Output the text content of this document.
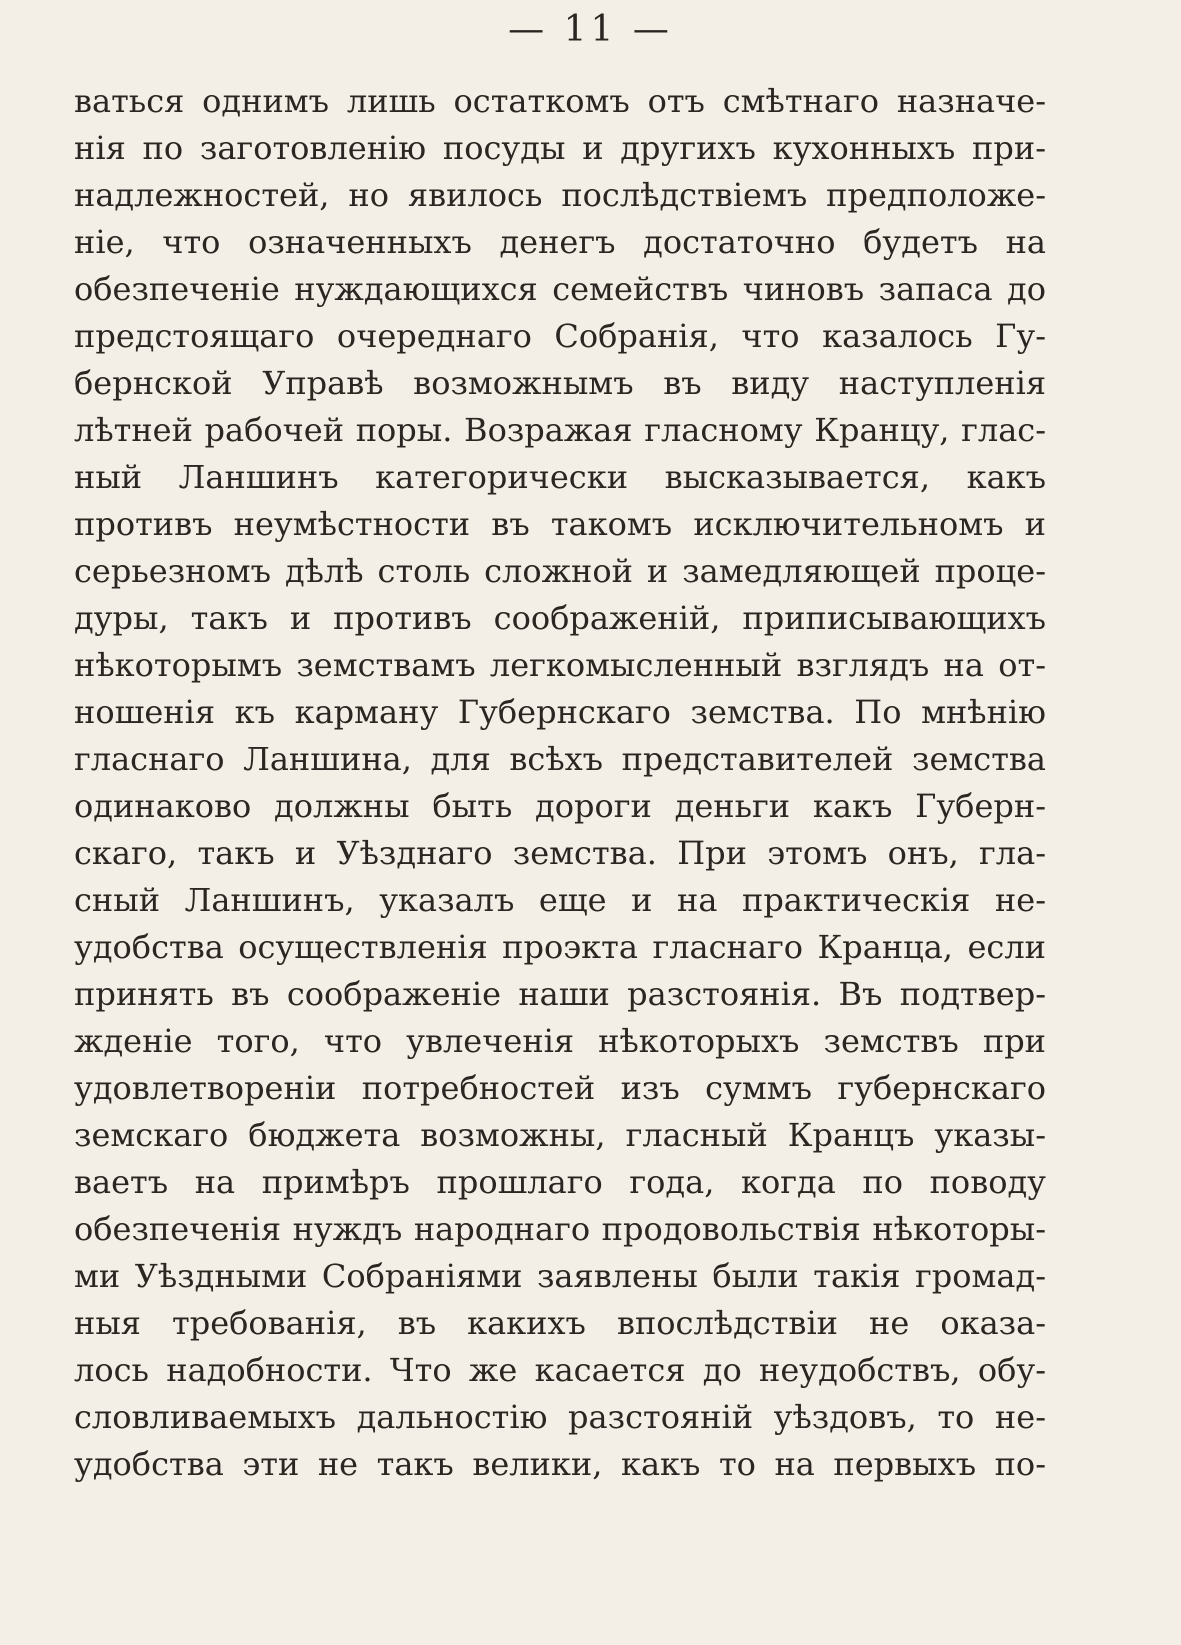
— 11 —
ваться однимъ лишь остаткомъ отъ смѣтнаго назначе-
нія по заготовленію посуды и другихъ кухонныхъ при-
надлежностей, но явилось послѣдствіемъ предположе-
ніе, что означенныхъ денегъ достаточно будетъ на
обезпеченіе нуждающихся семействъ чиновъ запаса до
предстоящаго очереднаго Собранія, что казалось Гу-
бернской Управѣ возможнымъ въ виду наступленія
лѣтней рабочей поры. Возражая гласному Кранцу, глас-
ный Ланшинъ категорически высказывается, какъ
противъ неумѣстности въ такомъ исключительномъ и
серьезномъ дѣлѣ столь сложной и замедляющей проце-
дуры, такъ и противъ соображеній, приписывающихъ
нѣкоторымъ земствамъ легкомысленный взглядъ на от-
ношенія къ карману Губернскаго земства. По мнѣнію
гласнаго Ланшина, для всѣхъ представителей земства
одинаково должны быть дороги деньги какъ Губерн-
скаго, такъ и Уѣзднаго земства. При этомъ онъ, гла-
сный Ланшинъ, указалъ еще и на практическія не-
удобства осуществленія проэкта гласнаго Кранца, если
принять въ соображеніе наши разстоянія. Въ подтвер-
жденіе того, что увлеченія нѣкоторыхъ земствъ при
удовлетвореніи потребностей изъ суммъ губернскаго
земскаго бюджета возможны, гласный Кранцъ указы-
ваетъ на примѣръ прошлаго года, когда по поводу
обезпеченія нуждъ народнаго продовольствія нѣкоторы-
ми Уѣздными Собраніями заявлены были такія громад-
ныя требованія, въ какихъ впослѣдствіи не оказа-
лось надобности. Что же касается до неудобствъ, обу-
словливаемыхъ дальностію разстояній уѣздовъ, то не-
удобства эти не такъ велики, какъ то на первыхъ по-
